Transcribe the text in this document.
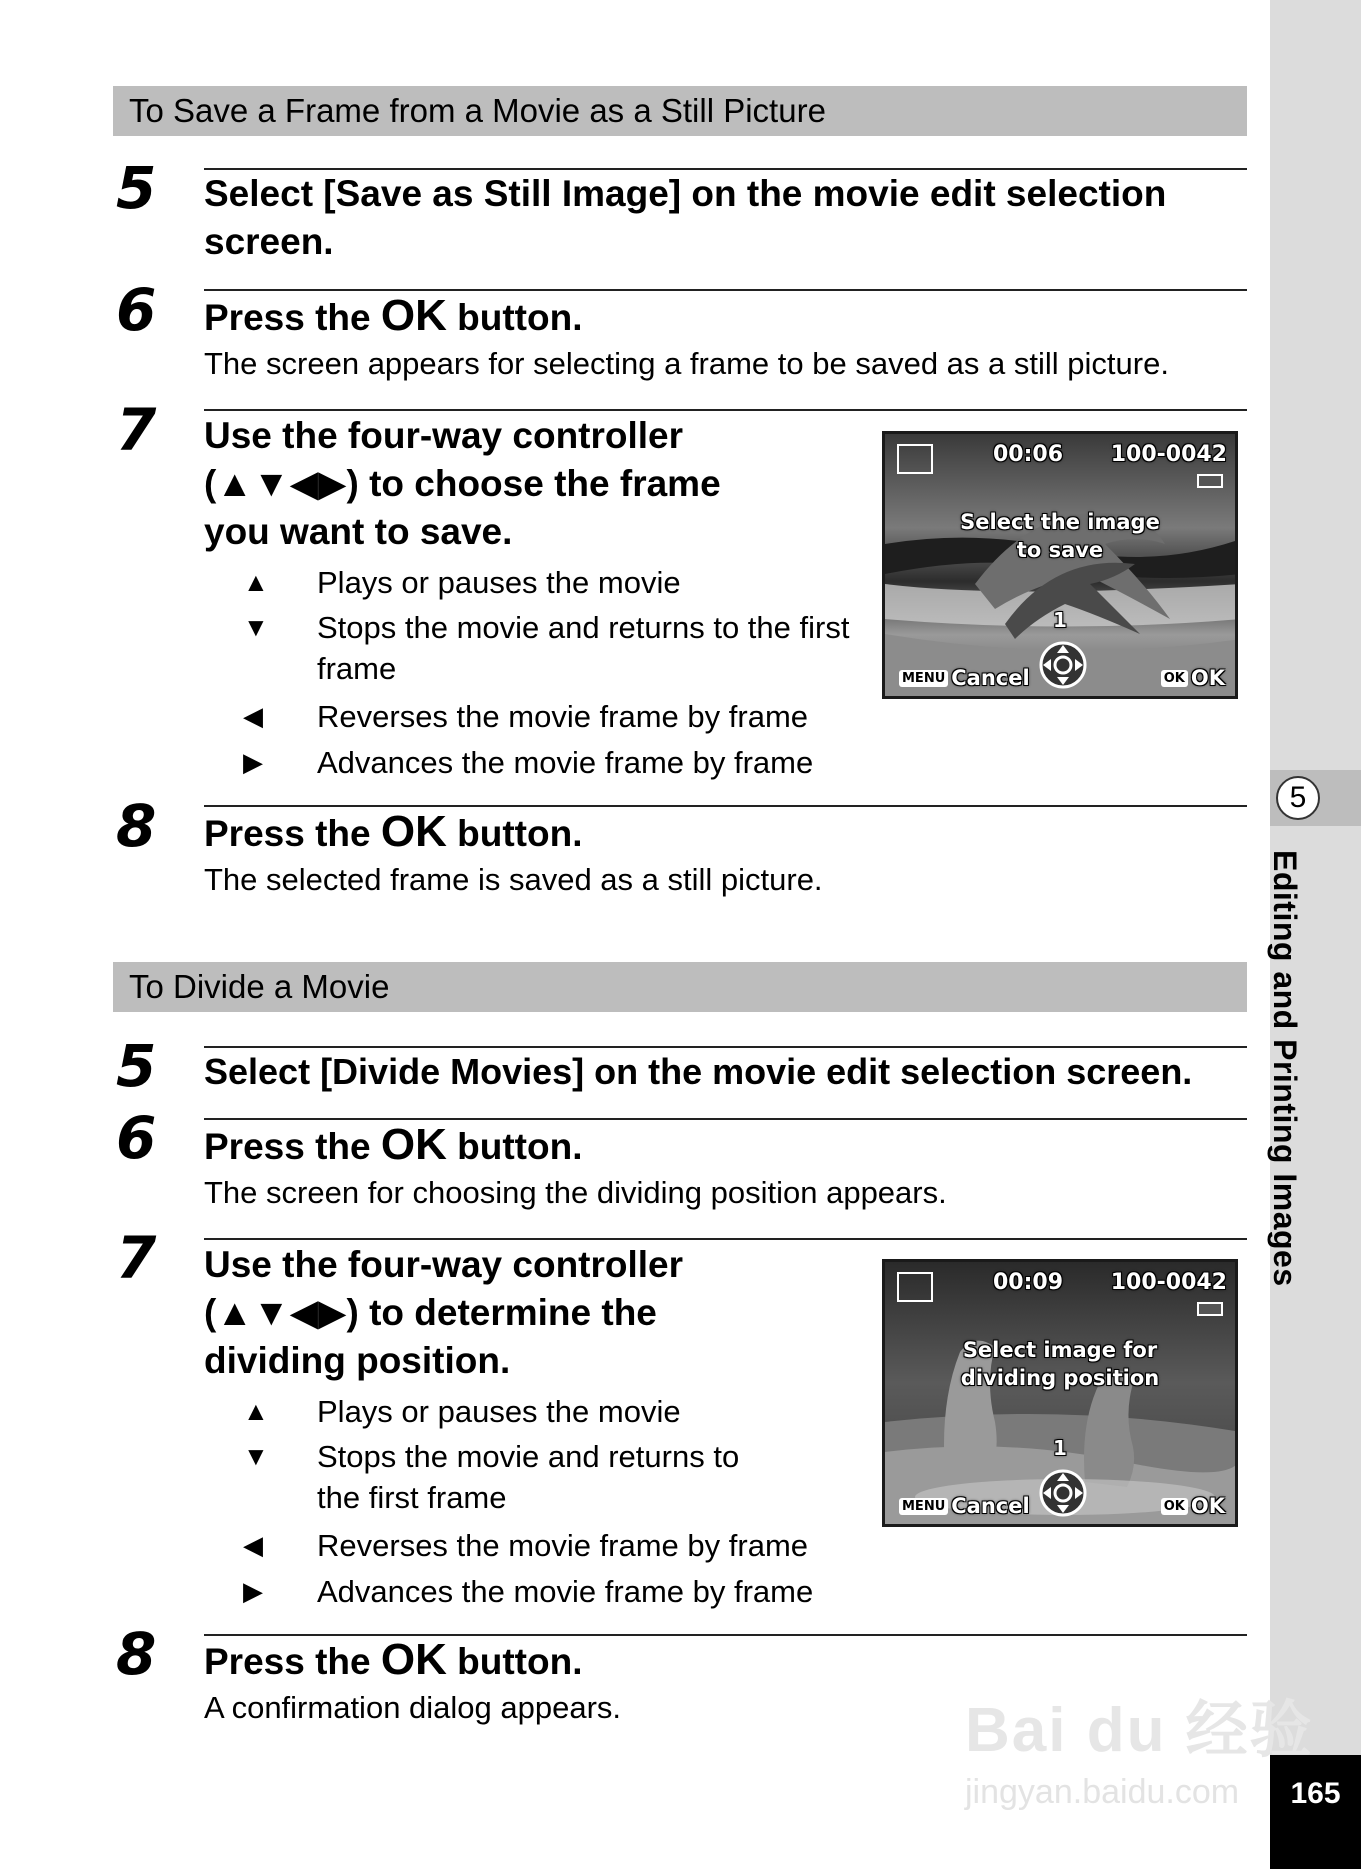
5
Editing and Printing Images
165
To Save a Frame from a Movie as a Still Picture
5 Select [Save as Still Image] on the movie edit selection screen.
6 Press the OK button.
The screen appears for selecting a frame to be saved as a still picture.
7 Use the four-way controller
(▲▼◀▶) to choose the frame
you want to save.
▲ Plays or pauses the movie
▼ Stops the movie and returns to the first frame
◀ Reverses the movie frame by frame
▶ Advances the movie frame by frame
00:06 100-0042
Select the image
to save
1
MENU Cancel	OK OK
8 Press the OK button.
The selected frame is saved as a still picture.
To Divide a Movie
5 Select [Divide Movies] on the movie edit selection screen.
6 Press the OK button.
The screen for choosing the dividing position appears.
7 Use the four-way controller
(▲▼◀▶) to determine the
dividing position.
▲ Plays or pauses the movie
▼ Stops the movie and returns to the first frame
◀ Reverses the movie frame by frame
▶ Advances the movie frame by frame
00:09 100-0042
Select image for
dividing position
1
MENU Cancel	OK OK
8 Press the OK button.
A confirmation dialog appears.	Bai du 经验
jingyan.baidu.com
